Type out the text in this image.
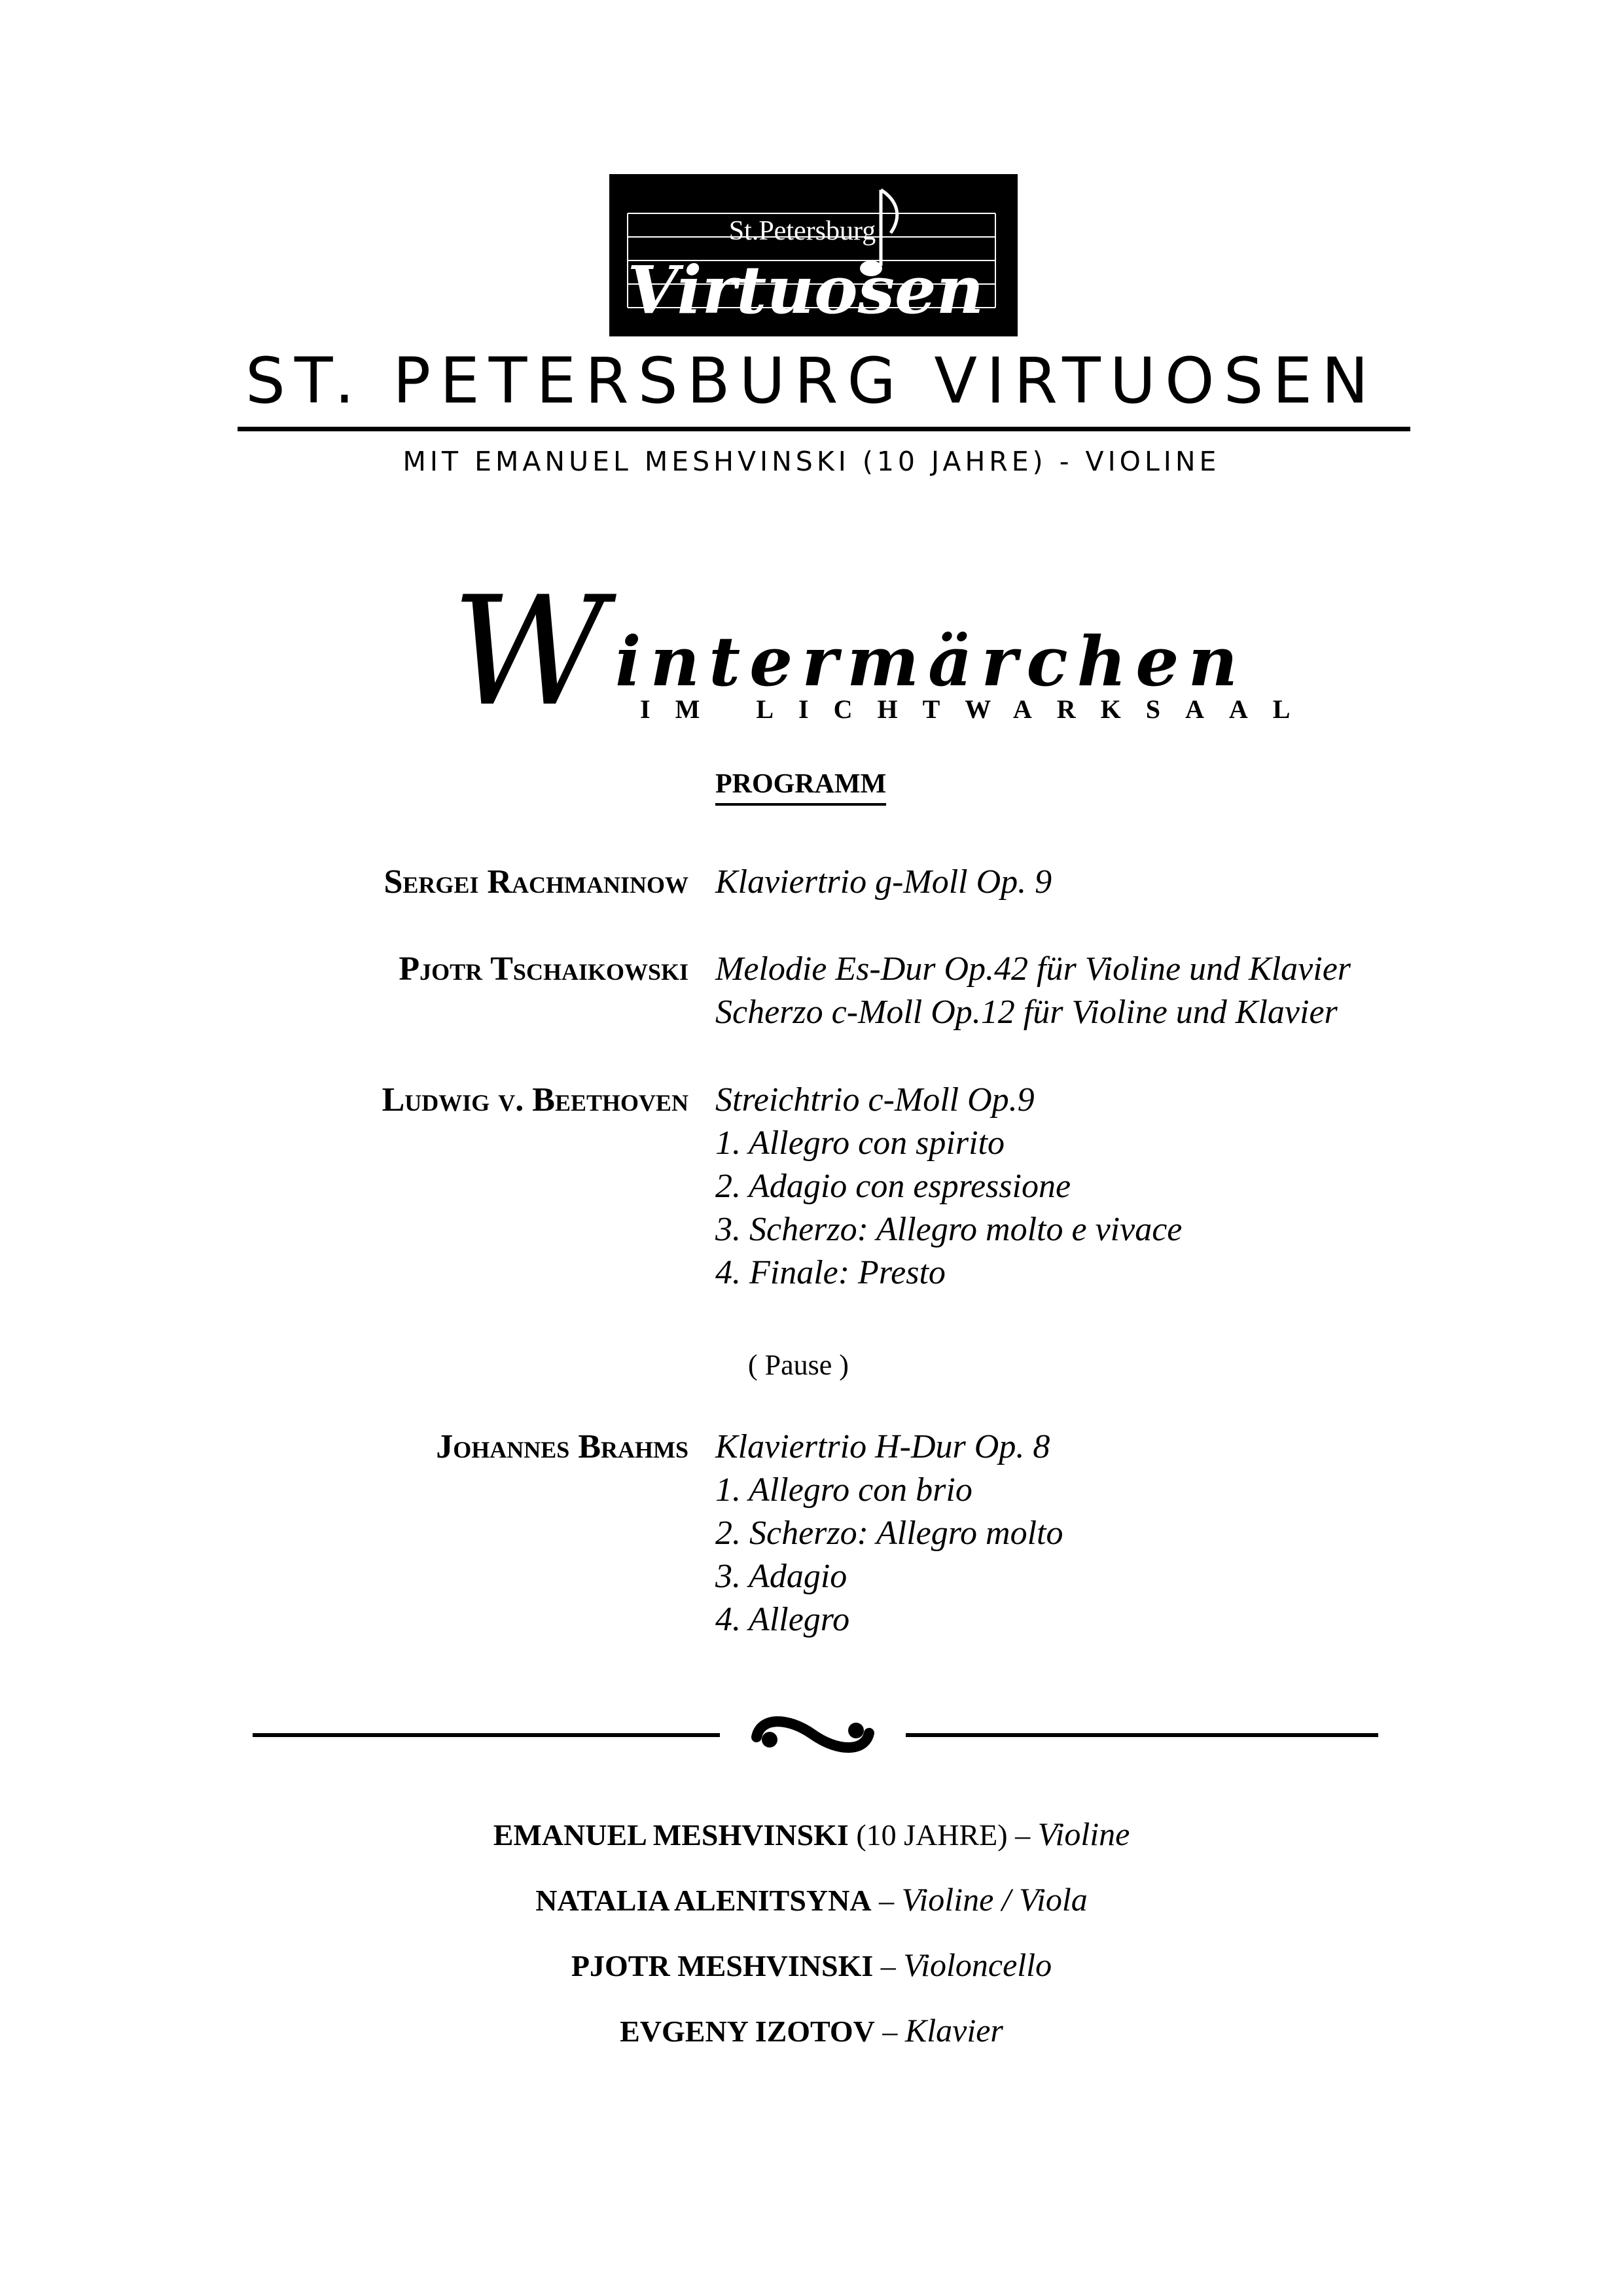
St.Petersburg
Virtuosen
ST. PETERSBURG VIRTUOSEN
MIT EMANUEL MESHVINSKI (10 JAHRE) - VIOLINE
W intermärchen
IM LICHTWARKSAAL
PROGRAMM
Sergei Rachmaninow Klaviertrio g-Moll Op. 9
Pjotr Tschaikowski Melodie Es-Dur Op.42 für Violine und Klavier
Scherzo c-Moll Op.12 für Violine und Klavier
Ludwig v. Beethoven Streichtrio c-Moll Op.9
1. Allegro con spirito
2. Adagio con espressione
3. Scherzo: Allegro molto e vivace
4. Finale: Presto
( Pause )
Johannes Brahms Klaviertrio H-Dur Op. 8
1. Allegro con brio
2. Scherzo: Allegro molto
3. Adagio
4. Allegro
EMANUEL MESHVINSKI (10 JAHRE) – Violine
NATALIA ALENITSYNA – Violine / Viola
PJOTR MESHVINSKI – Violoncello
EVGENY IZOTOV – Klavier
